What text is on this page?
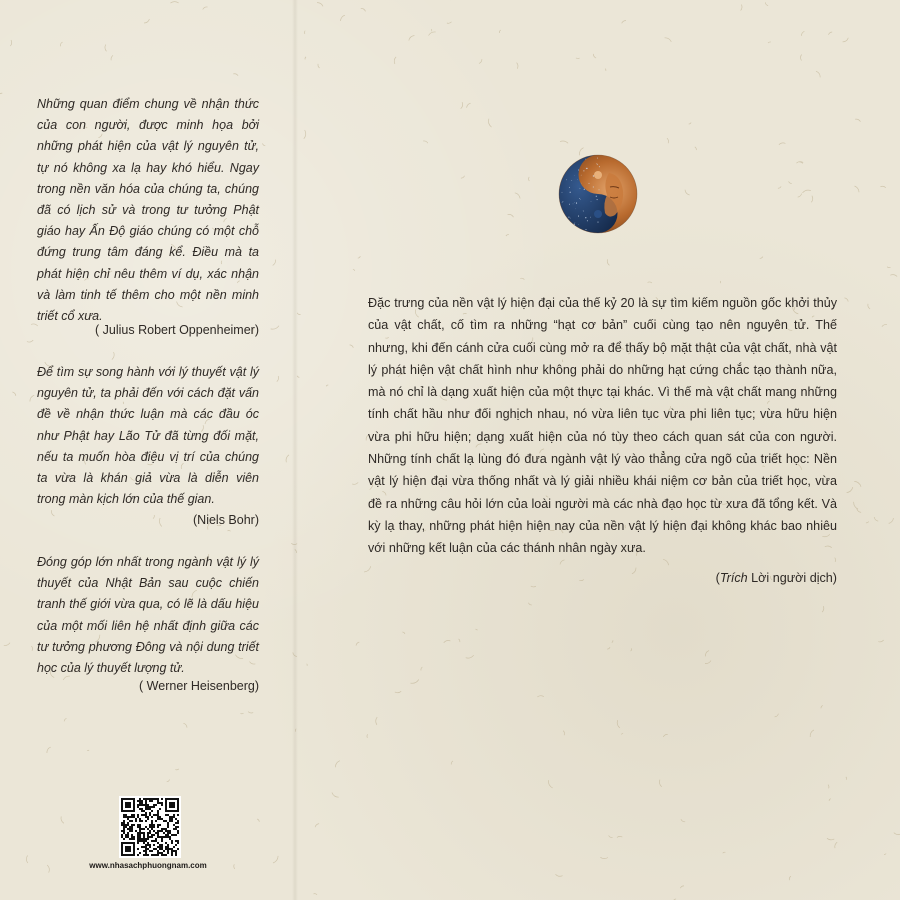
Những quan điểm chung về nhận thức của con người, được minh họa bởi những phát hiện của vật lý nguyên tử, tự nó không xa lạ hay khó hiểu. Ngay trong nền văn hóa của chúng ta, chúng đã có lịch sử và trong tư tưởng Phật giáo hay Ấn Độ giáo chúng có một chỗ đứng trung tâm đáng kể. Điều mà ta phát hiện chỉ nêu thêm ví dụ, xác nhận và làm tinh tế thêm cho một nền minh triết cổ xưa.

( Julius Robert Oppenheimer)

Để tìm sự song hành với lý thuyết vật lý nguyên tử, ta phải đến với cách đặt vấn đề về nhận thức luận mà các đầu óc như Phật hay Lão Tử đã từng đối mặt, nếu ta muốn hòa điệu vị trí của chúng ta vừa là khán giả vừa là diễn viên trong màn kịch lớn của thế gian.

(Niels Bohr)

Đóng góp lớn nhất trong ngành vật lý lý thuyết của Nhật Bản sau cuộc chiến tranh thế giới vừa qua, có lẽ là dấu hiệu của một mối liên hệ nhất định giữa các tư tưởng phương Đông và nội dung triết học của lý thuyết lượng tử.

( Werner Heisenberg)

www.nhasachphuongnam.com

Đặc trưng của nền vật lý hiện đại của thế kỷ 20 là sự tìm kiếm nguồn gốc khởi thủy của vật chất, cố tìm ra những “hạt cơ bản” cuối cùng tạo nên nguyên tử. Thế nhưng, khi đến cánh cửa cuối cùng mở ra để thấy bộ mặt thật của vật chất, nhà vật lý phát hiện vật chất hình như không phải do những hạt cứng chắc tạo thành nữa, mà nó chỉ là dạng xuất hiện của một thực tại khác. Vì thế mà vật chất mang những tính chất hầu như đối nghịch nhau, nó vừa liên tục vừa phi liên tục; vừa hữu hiện vừa phi hữu hiện; dạng xuất hiện của nó tùy theo cách quan sát của con người. Những tính chất lạ lùng đó đưa ngành vật lý vào thẳng cửa ngõ của triết học: Nền vật lý hiện đại vừa thống nhất và lý giải nhiều khái niệm cơ bản của triết học, vừa đề ra những câu hỏi lớn của loài người mà các nhà đạo học từ xưa đã tổng kết. Và kỳ lạ thay, những phát hiện hiện nay của nền vật lý hiện đại không khác bao nhiêu với những kết luận của các thánh nhân ngày xưa.

(Trích Lời người dịch)
